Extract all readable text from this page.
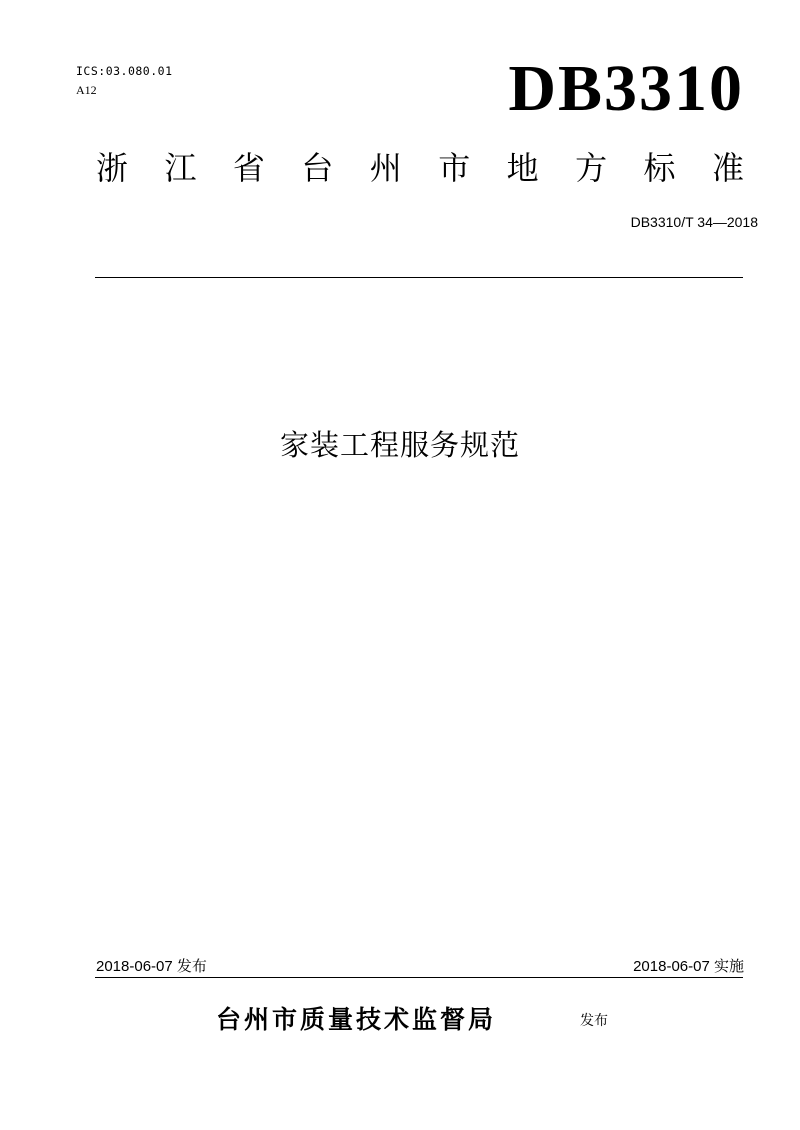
ICS:03.080.01
A12	DB3310
浙 江 省 台 州 市 地 方 标 准
DB3310/T 34—2018
家装工程服务规范
2018-06-07 发布	2018-06-07 实施
台州市质量技术监督局	发布
